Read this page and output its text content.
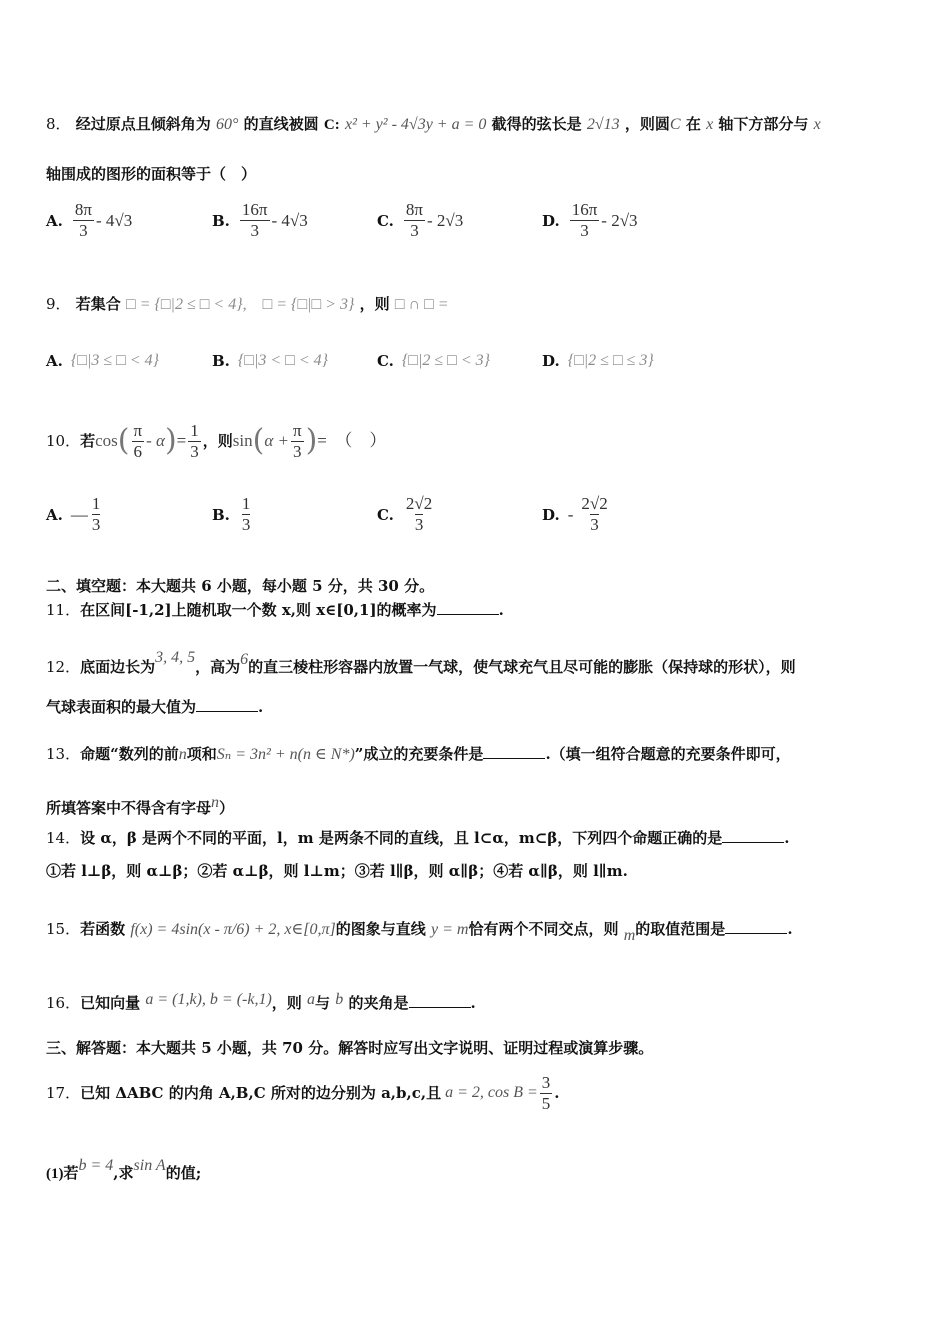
8． 经过原点且倾斜角为 60° 的直线被圆 C: x² + y² - 4√3y + a = 0 截得的弦长是 2√13 ，则圆C 在 x 轴下方部分与 x
轴围成的图形的面积等于（　）
A. $\frac{8\pi}{3} - 4√3$	B. $\frac{16\pi}{3} - 4√3$	C. $\frac{8\pi}{3} - 2√3$	D. $\frac{16\pi}{3} - 2√3$
9． 若集合 □ = {□|2 ≤ □ < 4},　□ = {□|□ > 3} ，则 □ ∩ □ =
A. {□|3 ≤ □ < 4}	B. {□|3 < □ < 4}	C. {□|2 ≤ □ < 3}	D. {□|2 ≤ □ ≤ 3}
10． 若 cos ( $\frac{\pi}{6}$ - α ) = $\frac{1}{3}$ ，则 sin ( $\alpha + \frac{\pi}{3}$ ) =　（　）
A. — $\frac{1}{3}$	B. $\frac{1}{3}$	C. $\frac{2√2}{3}$	D. - $\frac{2√2}{3}$
二、填空题：本大题共 6 小题，每小题 5 分，共 30 分。
11．在区间[-1,2]上随机取一个数 x,则 x∈[0,1]的概率为	.
12．底面边长为3, 4, 5，高为6的直三棱柱形容器内放置一气球，使气球充气且尽可能的膨胀（保持球的形状），则
气球表面积的最大值为	.
13．命题“数列的前n项和Sₙ = 3n² + n(n ∈ N*)”成立的充要条件是	.（填一组符合题意的充要条件即可，
所填答案中不得含有字母n）
14．设 α，β 是两个不同的平面，l，m 是两条不同的直线，且 l⊂α，m⊂β，下列四个命题正确的是	.
①若 l⊥β，则 α⊥β；②若 α⊥β，则 l⊥m；③若 l∥β，则 α∥β；④若 α∥β，则 l∥m.
15．若函数 f(x) = 4sin(x - π/6) + 2, x∈[0,π]的图象与直线 y = m恰有两个不同交点，则 m的取值范围是	.
16．已知向量 a = (1,k), b = (-k,1)，则 a与 b 的夹角是	.
三、解答题：本大题共 5 小题，共 70 分。解答时应写出文字说明、证明过程或演算步骤。
17． 已知 ΔABC 的内角 A,B,C 所对的边分别为 a,b,c,且 a = 2, $\cos B = \frac{3}{5}$ .
(1)若b = 4,求sin A的值;
